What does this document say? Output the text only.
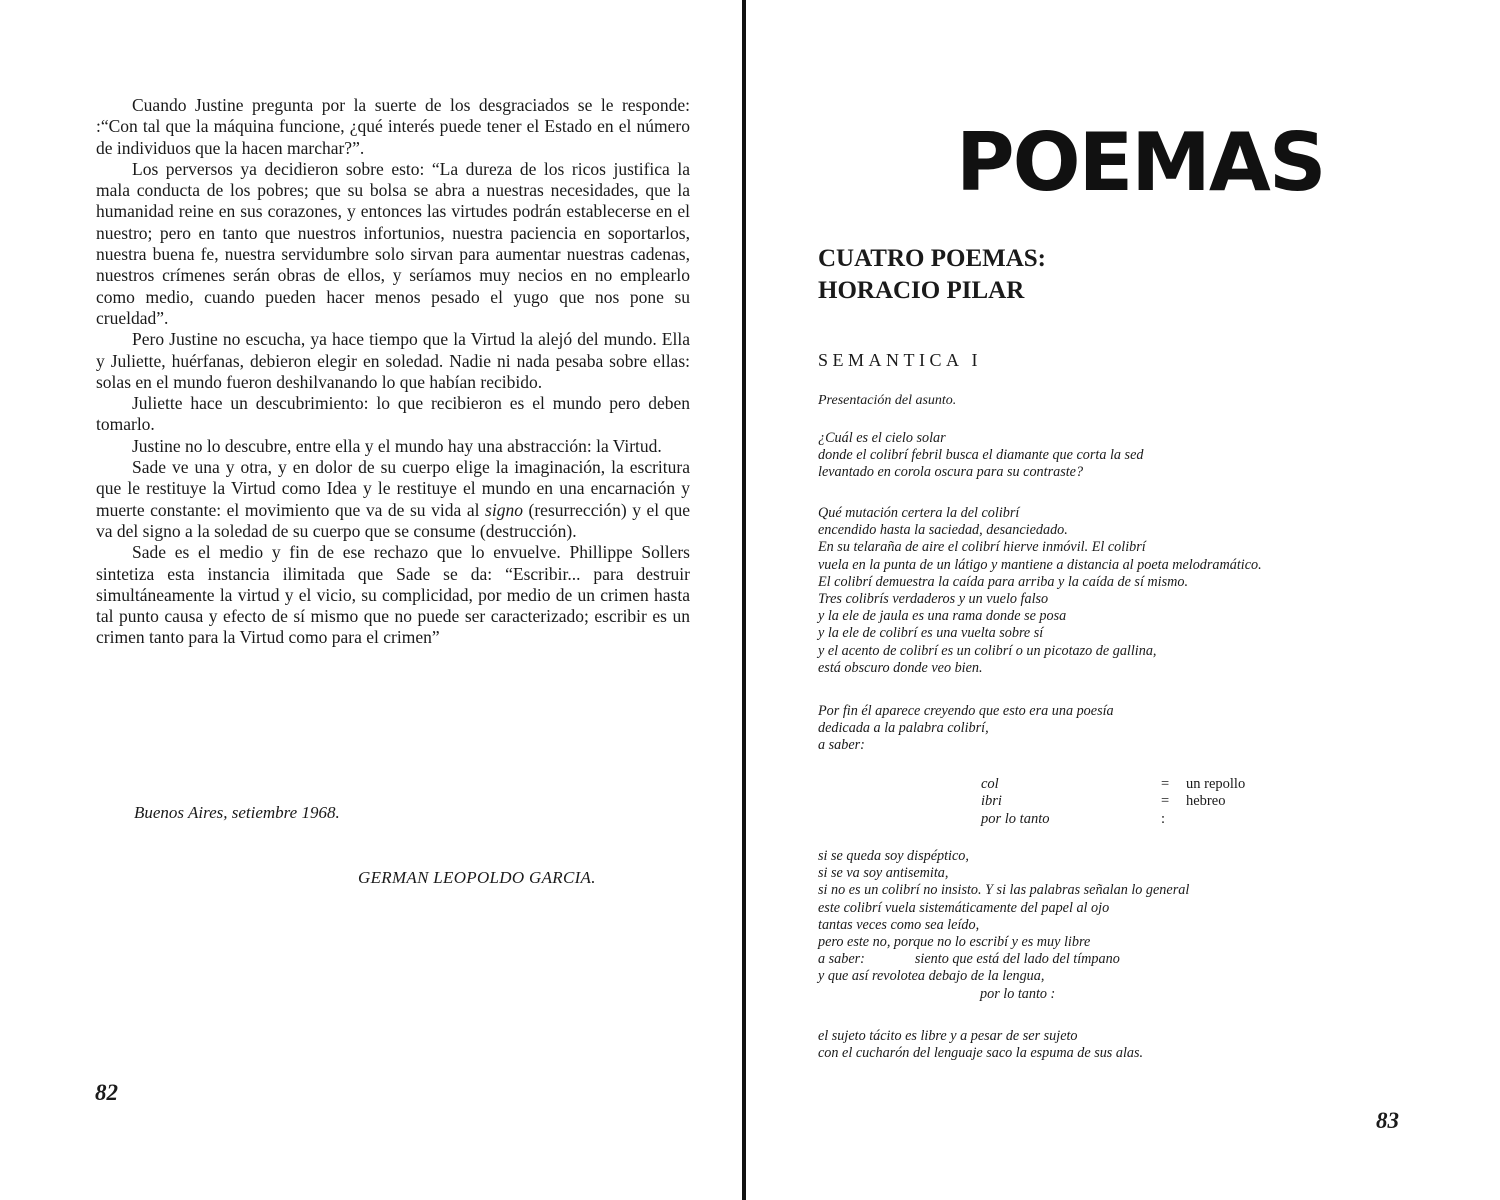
Cuando Justine pregunta por la suerte de los desgraciados se le responde: :“Con tal que la máquina funcione, ¿qué interés puede tener el Estado en el número de individuos que la hacen marchar?”.

Los perversos ya decidieron sobre esto: “La dureza de los ricos justifica la mala conducta de los pobres; que su bolsa se abra a nuestras necesidades, que la humanidad reine en sus corazones, y entonces las virtudes podrán establecerse en el nuestro; pero en tanto que nuestros infortunios, nuestra paciencia en soportarlos, nuestra buena fe, nuestra servidumbre solo sirvan para aumentar nuestras cadenas, nuestros crímenes serán obras de ellos, y seríamos muy necios en no emplearlo como medio, cuando pueden hacer menos pesado el yugo que nos pone su crueldad”.

Pero Justine no escucha, ya hace tiempo que la Virtud la alejó del mundo. Ella y Juliette, huérfanas, debieron elegir en soledad. Nadie ni nada pesaba sobre ellas: solas en el mundo fueron deshilvanando lo que habían recibido.

Juliette hace un descubrimiento: lo que recibieron es el mundo pero deben tomarlo.

Justine no lo descubre, entre ella y el mundo hay una abstracción: la Virtud.

Sade ve una y otra, y en dolor de su cuerpo elige la imaginación, la escritura que le restituye la Virtud como Idea y le restituye el mundo en una encarnación y muerte constante: el movimiento que va de su vida al signo (resurrección) y el que va del signo a la soledad de su cuerpo que se consume (destrucción).

Sade es el medio y fin de ese rechazo que lo envuelve. Phillippe Sollers sintetiza esta instancia ilimitada que Sade se da: “Escribir... para destruir simultáneamente la virtud y el vicio, su complicidad, por medio de un crimen hasta tal punto causa y efecto de sí mismo que no puede ser caracterizado; escribir es un crimen tanto para la Virtud como para el crimen”

Buenos Aires, setiembre 1968.
GERMAN LEOPOLDO GARCIA.
82
POEMAS
CUATRO POEMAS:
HORACIO PILAR
SEMANTICA I
Presentación del asunto.
¿Cuál es el cielo solar
donde el colibrí febril busca el diamante que corta la sed
levantado en corola oscura para su contraste?
Qué mutación certera la del colibrí
encendido hasta la saciedad, desanciedado.
En su telaraña de aire el colibrí hierve inmóvil. El colibrí
vuela en la punta de un látigo y mantiene a distancia al poeta melodramático.
El colibrí demuestra la caída para arriba y la caída de sí mismo.
Tres colibrís verdaderos y un vuelo falso
y la ele de jaula es una rama donde se posa
y la ele de colibrí es una vuelta sobre sí
y el acento de colibrí es un colibrí o un picotazo de gallina,
está obscuro donde veo bien.
Por fin él aparece creyendo que esto era una poesía
dedicada a la palabra colibrí,
a saber:
col	= un repollo
ibri	= hebreo
por lo tanto	:
si se queda soy dispéptico,
si se va soy antisemita,
si no es un colibrí no insisto. Y si las palabras señalan lo general
este colibrí vuela sistemáticamente del papel al ojo
tantas veces como sea leído,
pero este no, porque no lo escribí y es muy libre
a saber:	siento que está del lado del tímpano
y que así revolotea debajo de la lengua,
por lo tanto :
el sujeto tácito es libre y a pesar de ser sujeto
con el cucharón del lenguaje saco la espuma de sus alas.
83
